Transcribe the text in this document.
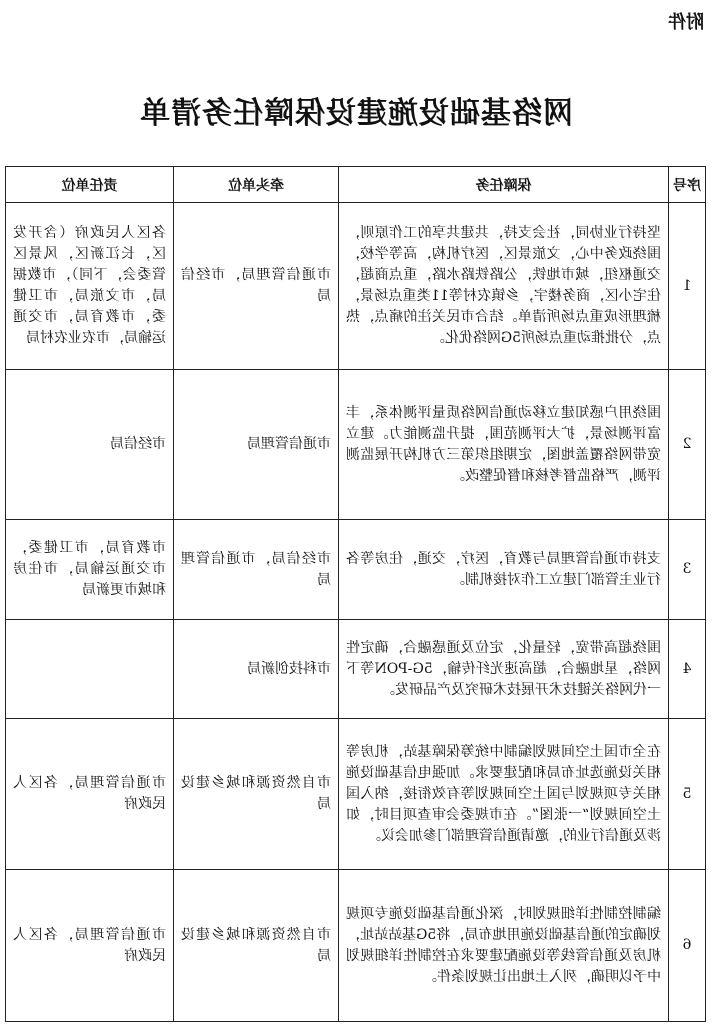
附件
网络基础设施建设保障任务清单
序号	保障任务	牵头单位	责任单位
1	坚持行业协同，社会支持，共建共享的工作原则，围绕政务中心，文旅景区，医疗机构，高等学校，交通枢纽，城市地铁，公路铁路水路，重点商超，住宅小区，商务楼宇，乡镇农村等11类重点场景，梳理形成重点场所清单。结合市民关注的痛点，热点，分批推动重点场所5G网络优化。	市通信管理局，市经信局	各区人民政府（含开发区，长江新区，风景区管委会，下同），市数据局，市文旅局，市卫健委，市教育局，市交通运输局，市农业农村局
2	围绕用户感知建立移动通信网络质量评测体系，丰富评测场景，扩大评测范围，提升监测能力。建立宽带网络覆盖地图，定期组织第三方机构开展监测评测，严格监督考核和督促整改。	市通信管理局	市经信局
3	支持市通信管理局与教育，医疗，交通，住房等各行业主管部门建立工作对接机制。	市经信局，市通信管理局	市教育局，市卫健委，市交通运输局，市住房和城市更新局
4	围绕超高带宽，轻量化，定位及通感融合，确定性网络，星地融合，超高速光纤传输，5G-PON等下一代网络关键技术开展技术研究及产品研发。	市科技创新局	
5	在全市国土空间规划编制中统筹保障基站，机房等相关设施选址布局和配建要求。加强电信基础设施相关专项规划与国土空间规划等有效衔接，纳入国土空间规划“一张图”。在市规委会审查项目时，如涉及通信行业的，邀请通信管理部门参加会议。	市自然资源和城乡建设局	市通信管理局，各区人民政府
6	编制控制性详细规划时，深化通信基础设施专项规划确定的通信基础设施用地布局，将5G基站站址，机房及通信管线等设施配建要求在控制性详细规划中予以明确，列入土地出让规划条件。	市自然资源和城乡建设局	市通信管理局，各区人民政府
